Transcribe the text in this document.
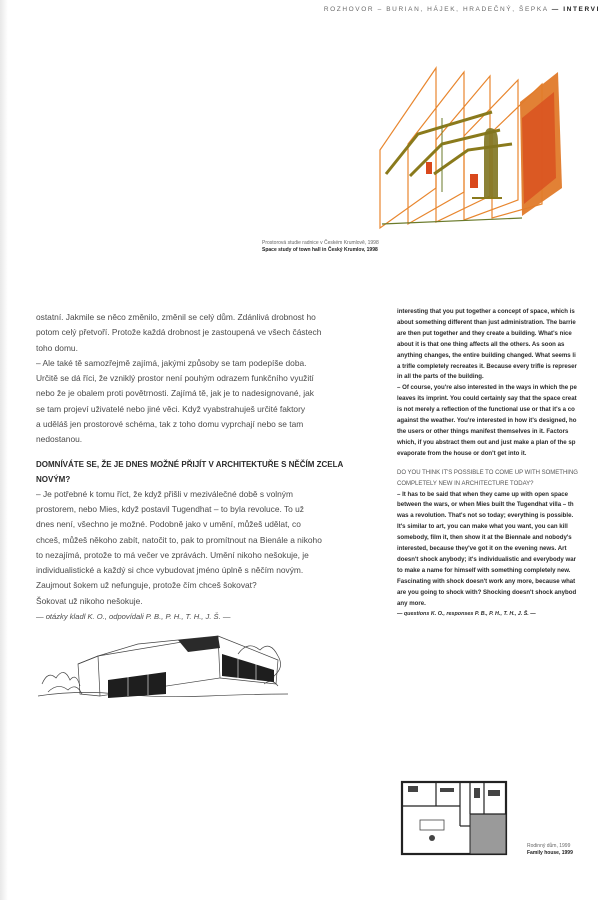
ROZHOVOR – BURIAN, HÁJEK, HRADEČNÝ, ŠEPKA — INTERVI
Prostorová studie radnice v Českém Krumlově, 1998
Space study of town hall in Český Krumlov, 1998

ostatní. Jakmile se něco změnilo, změnil se celý dům. Zdánlivá drobnost ho
potom celý přetvoří. Protože každá drobnost je zastoupená ve všech částech
toho domu.

– Ale také tě samozřejmě zajímá, jakými způsoby se tam podepíše doba.
Určitě se dá říci, že vzniklý prostor není pouhým odrazem funkčního využití
nebo že je obalem proti povětrnosti. Zajímá tě, jak je to nadesignované, jak
se tam projeví uživatelé nebo jiné věci. Když vyabstrahuješ určité faktory
a uděláš jen prostorové schéma, tak z toho domu vyprchají nebo se tam
nedostanou.

DOMNÍVÁTE SE, ŽE JE DNES MOŽNÉ PŘIJÍT V ARCHITEKTUŘE S NĚČÍM ZCELA
NOVÝM?

– Je potřebné k tomu říct, že když přišli v meziválečné době s volným
prostorem, nebo Mies, když postavil Tugendhat – to byla revoluce. To už
dnes není, všechno je možné. Podobně jako v umění, můžeš udělat, co
chceš, můžeš někoho zabít, natočit to, pak to promítnout na Bienále a nikoho
to nezajímá, protože to má večer ve zprávách. Umění nikoho nešokuje, je
individualistické a každý si chce vybudovat jméno úplně s něčím novým.
Zaujmout šokem už nefunguje, protože čím chceš šokovat?
Šokovat už nikoho nešokuje.

— otázky kladl K. O., odpovídali P. B., P. H., T. H., J. Š. —

interesting that you put together a concept of space, which is
about something different than just administration. The barrie
are then put together and they create a building. What's nice
about it is that one thing affects all the others. As soon as
anything changes, the entire building changed. What seems li
a trifle completely recreates it. Because every trifle is represer
in all the parts of the building.

– Of course, you're also interested in the ways in which the pe
leaves its imprint. You could certainly say that the space creat
is not merely a reflection of the functional use or that it's a co
against the weather. You're interested in how it's designed, ho
the users or other things manifest themselves in it. Factors
which, if you abstract them out and just make a plan of the sp
evaporate from the house or don't get into it.

DO YOU THINK IT'S POSSIBLE TO COME UP WITH SOMETHING
COMPLETELY NEW IN ARCHITECTURE TODAY?

– It has to be said that when they came up with open space
between the wars, or when Mies built the Tugendhat villa – th
was a revolution. That's not so today; everything is possible.
It's similar to art, you can make what you want, you can kill
somebody, film it, then show it at the Biennale and nobody's
interested, because they've got it on the evening news. Art
doesn't shock anybody; it's individualistic and everybody war
to make a name for himself with something completely new.
Fascinating with shock doesn't work any more, because what
are you going to shock with? Shocking doesn't shock anybod
any more.

— questions K. O., responses P. B., P. H., T. H., J. Š. —

Rodinný dům, 1999
Family house, 1999
